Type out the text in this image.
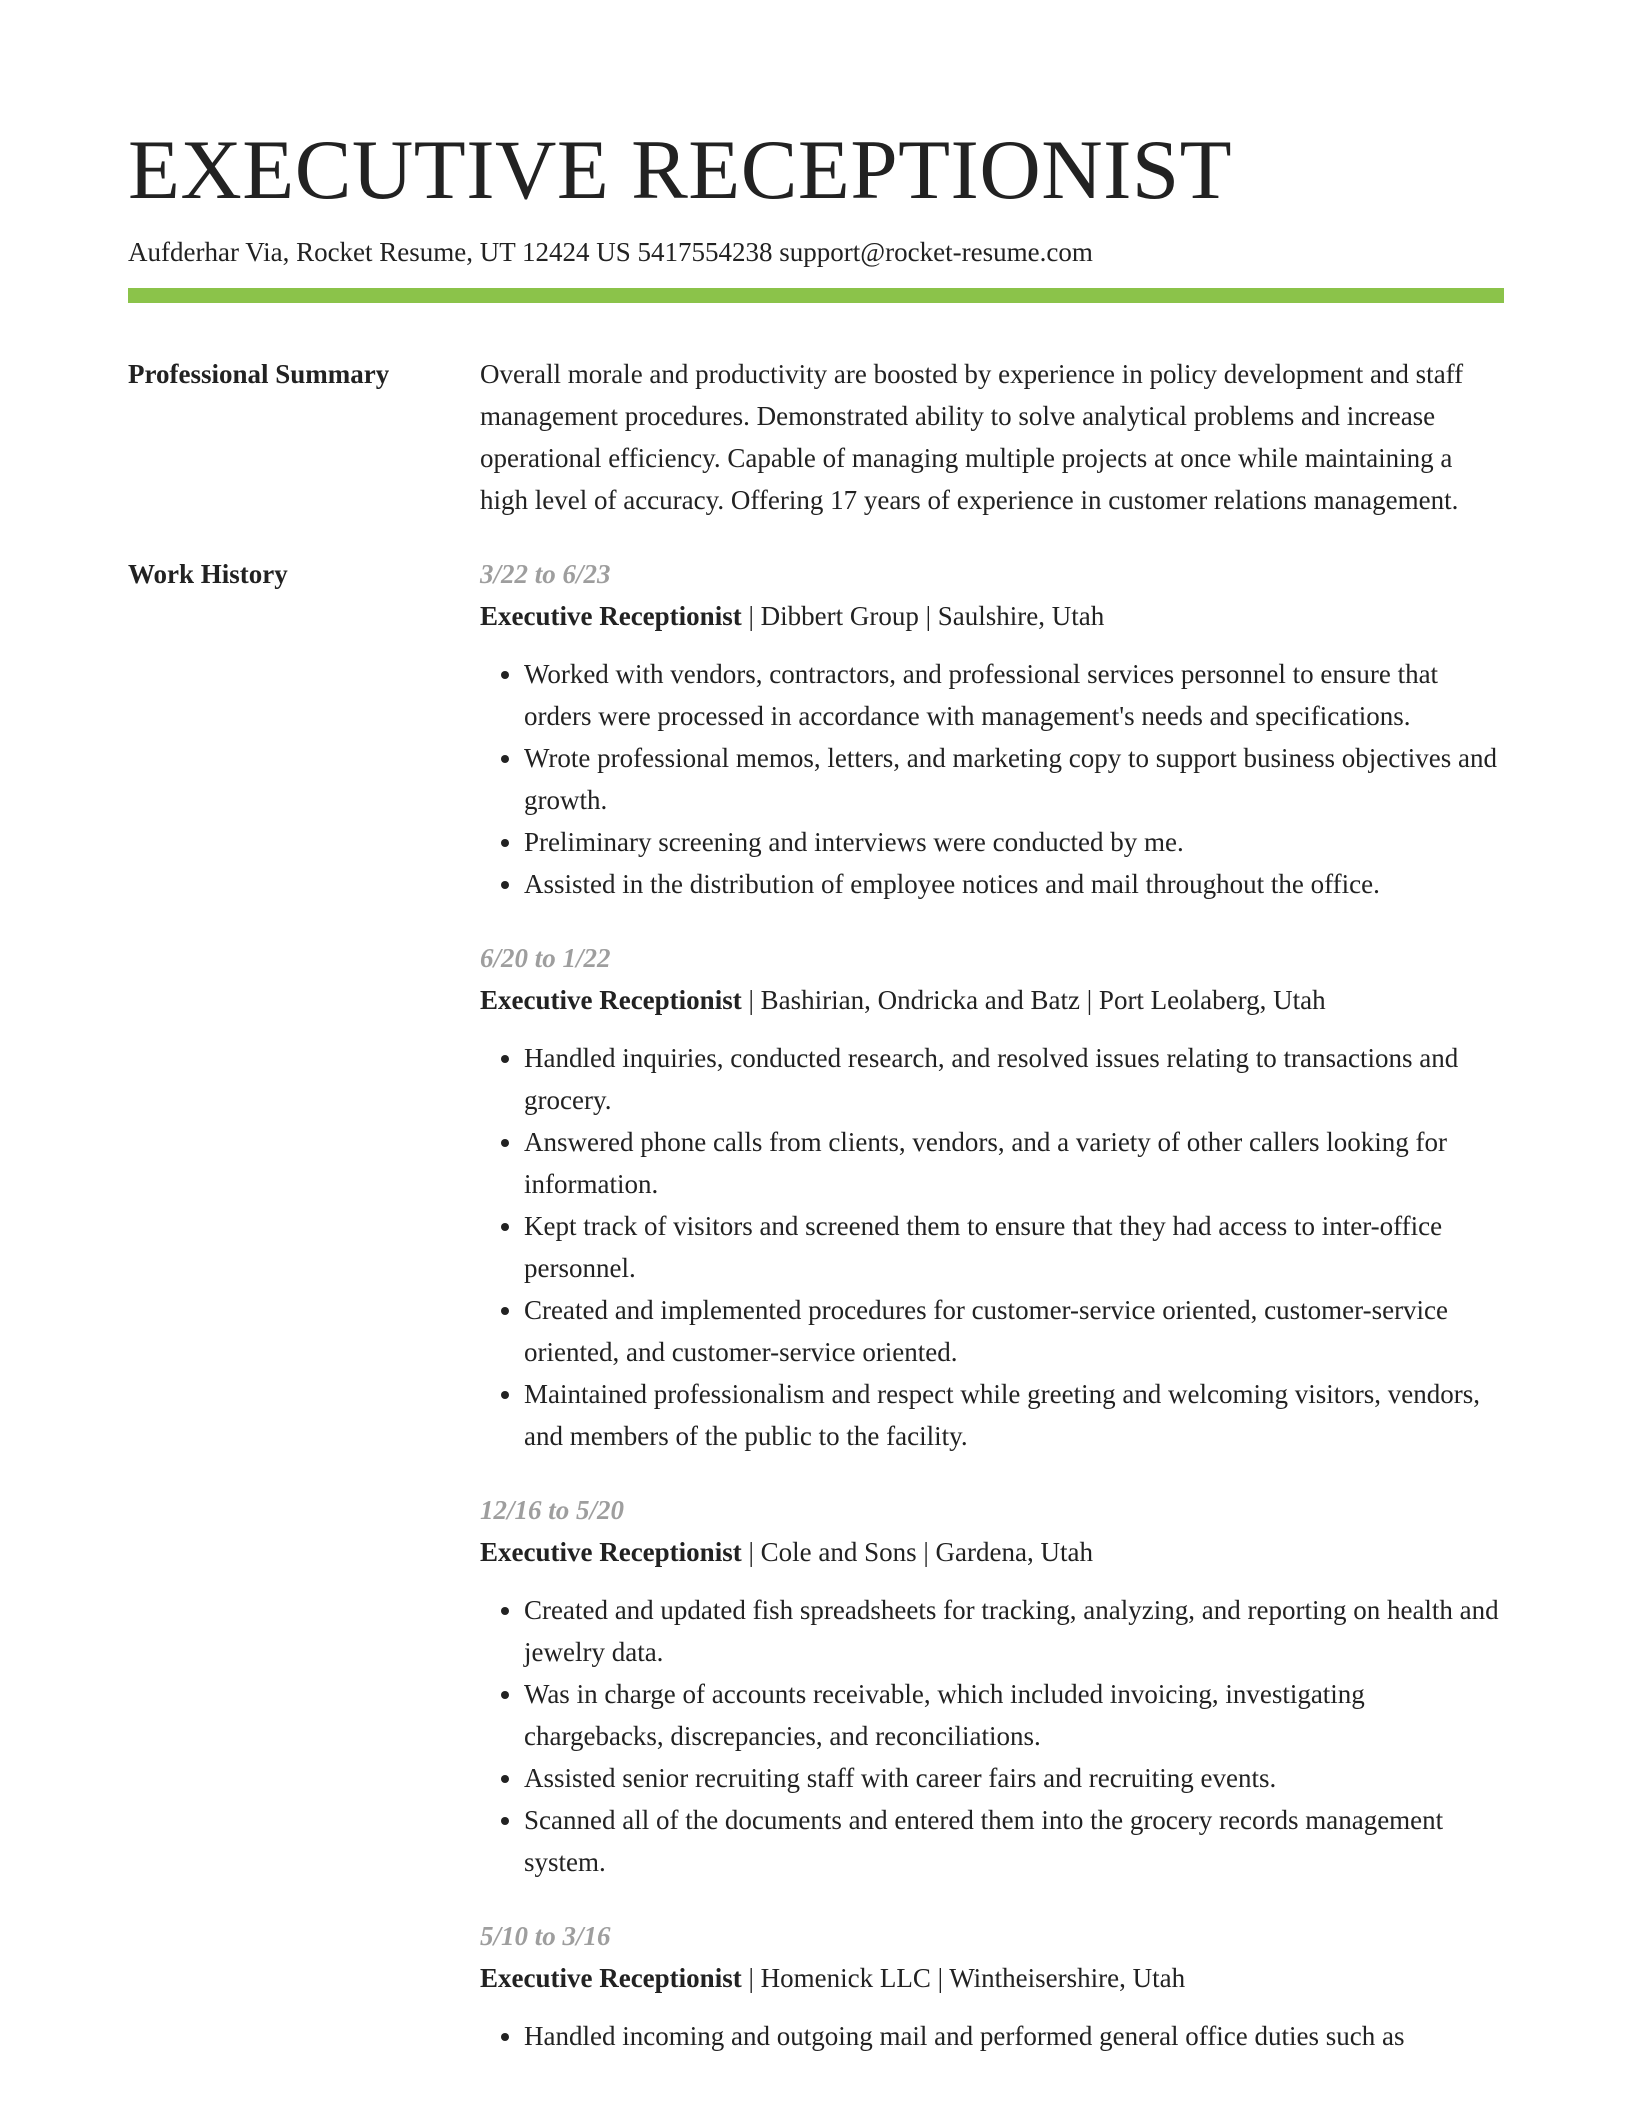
EXECUTIVE RECEPTIONIST
Aufderhar Via, Rocket Resume, UT 12424 US 5417554238 support@rocket-resume.com
Professional Summary	Overall morale and productivity are boosted by experience in policy development and staff management procedures. Demonstrated ability to solve analytical problems and increase operational efficiency. Capable of managing multiple projects at once while maintaining a high level of accuracy. Offering 17 years of experience in customer relations management.
Work History	3/22 to 6/23
Executive Receptionist | Dibbert Group | Saulshire, Utah
• Worked with vendors, contractors, and professional services personnel to ensure that orders were processed in accordance with management's needs and specifications.
• Wrote professional memos, letters, and marketing copy to support business objectives and growth.
• Preliminary screening and interviews were conducted by me.
• Assisted in the distribution of employee notices and mail throughout the office.
6/20 to 1/22
Executive Receptionist | Bashirian, Ondricka and Batz | Port Leolaberg, Utah
• Handled inquiries, conducted research, and resolved issues relating to transactions and grocery.
• Answered phone calls from clients, vendors, and a variety of other callers looking for information.
• Kept track of visitors and screened them to ensure that they had access to inter-office personnel.
• Created and implemented procedures for customer-service oriented, customer-service oriented, and customer-service oriented.
• Maintained professionalism and respect while greeting and welcoming visitors, vendors, and members of the public to the facility.
12/16 to 5/20
Executive Receptionist | Cole and Sons | Gardena, Utah
• Created and updated fish spreadsheets for tracking, analyzing, and reporting on health and jewelry data.
• Was in charge of accounts receivable, which included invoicing, investigating chargebacks, discrepancies, and reconciliations.
• Assisted senior recruiting staff with career fairs and recruiting events.
• Scanned all of the documents and entered them into the grocery records management system.
5/10 to 3/16
Executive Receptionist | Homenick LLC | Wintheisershire, Utah
• Handled incoming and outgoing mail and performed general office duties such as
